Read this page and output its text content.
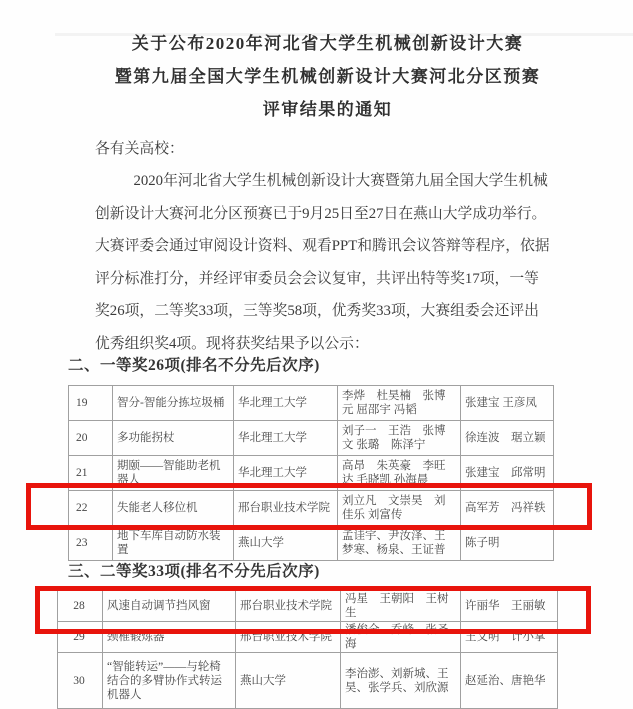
关于公布2020年河北省大学生机械创新设计大赛
暨第九届全国大学生机械创新设计大赛河北分区预赛
评审结果的通知
各有关高校：
2020年河北省大学生机械创新设计大赛暨第九届全国大学生机械
创新设计大赛河北分区预赛已于9月25日至27日在燕山大学成功举行。
大赛评委会通过审阅设计资料、观看PPT和腾讯会议答辩等程序，依据
评分标准打分，并经评审委员会会议复审，共评出特等奖17项，一等
奖26项，二等奖33项，三等奖58项，优秀奖33项，大赛组委会还评出
优秀组织奖4项。现将获奖结果予以公示：
二、一等奖26项(排名不分先后次序)
19	智分-智能分拣垃圾桶	华北理工大学	李烨　杜昊楠　张博元 屈邵宇 冯韬	张建宝 王彦凤
20	多功能拐杖	华北理工大学	刘子一　王浩　张博文 张璐　陈泽宁	徐连波　琚立颖
21	期颐——智能助老机器人	华北理工大学	高昂　朱英豪　李旺达 毛晓凯 孙海晨	张建宝　邱常明
22	失能老人移位机	邢台职业技术学院	刘立凡　文崇昊　刘佳乐 刘富传	高军芳　冯祥轶
23	地下车库自动防水装置	燕山大学	孟诖宇、尹汝泽、王梦寒、杨泉、王证普	陈子明
三、二等奖33项(排名不分先后次序)
28	风速自动调节挡风窗	邢台职业技术学院	冯星　王朝阳　王树生	许丽华　王丽敏
29	颈椎锻炼器	邢台职业技术学院	潘俊全　乔峰　张圣海	王文明　计小掌
30	“智能转运”——与轮椅结合的多臂协作式转运机器人	燕山大学	李治澎、刘新城、王昊、张学兵、刘欣源	赵延治、唐艳华
